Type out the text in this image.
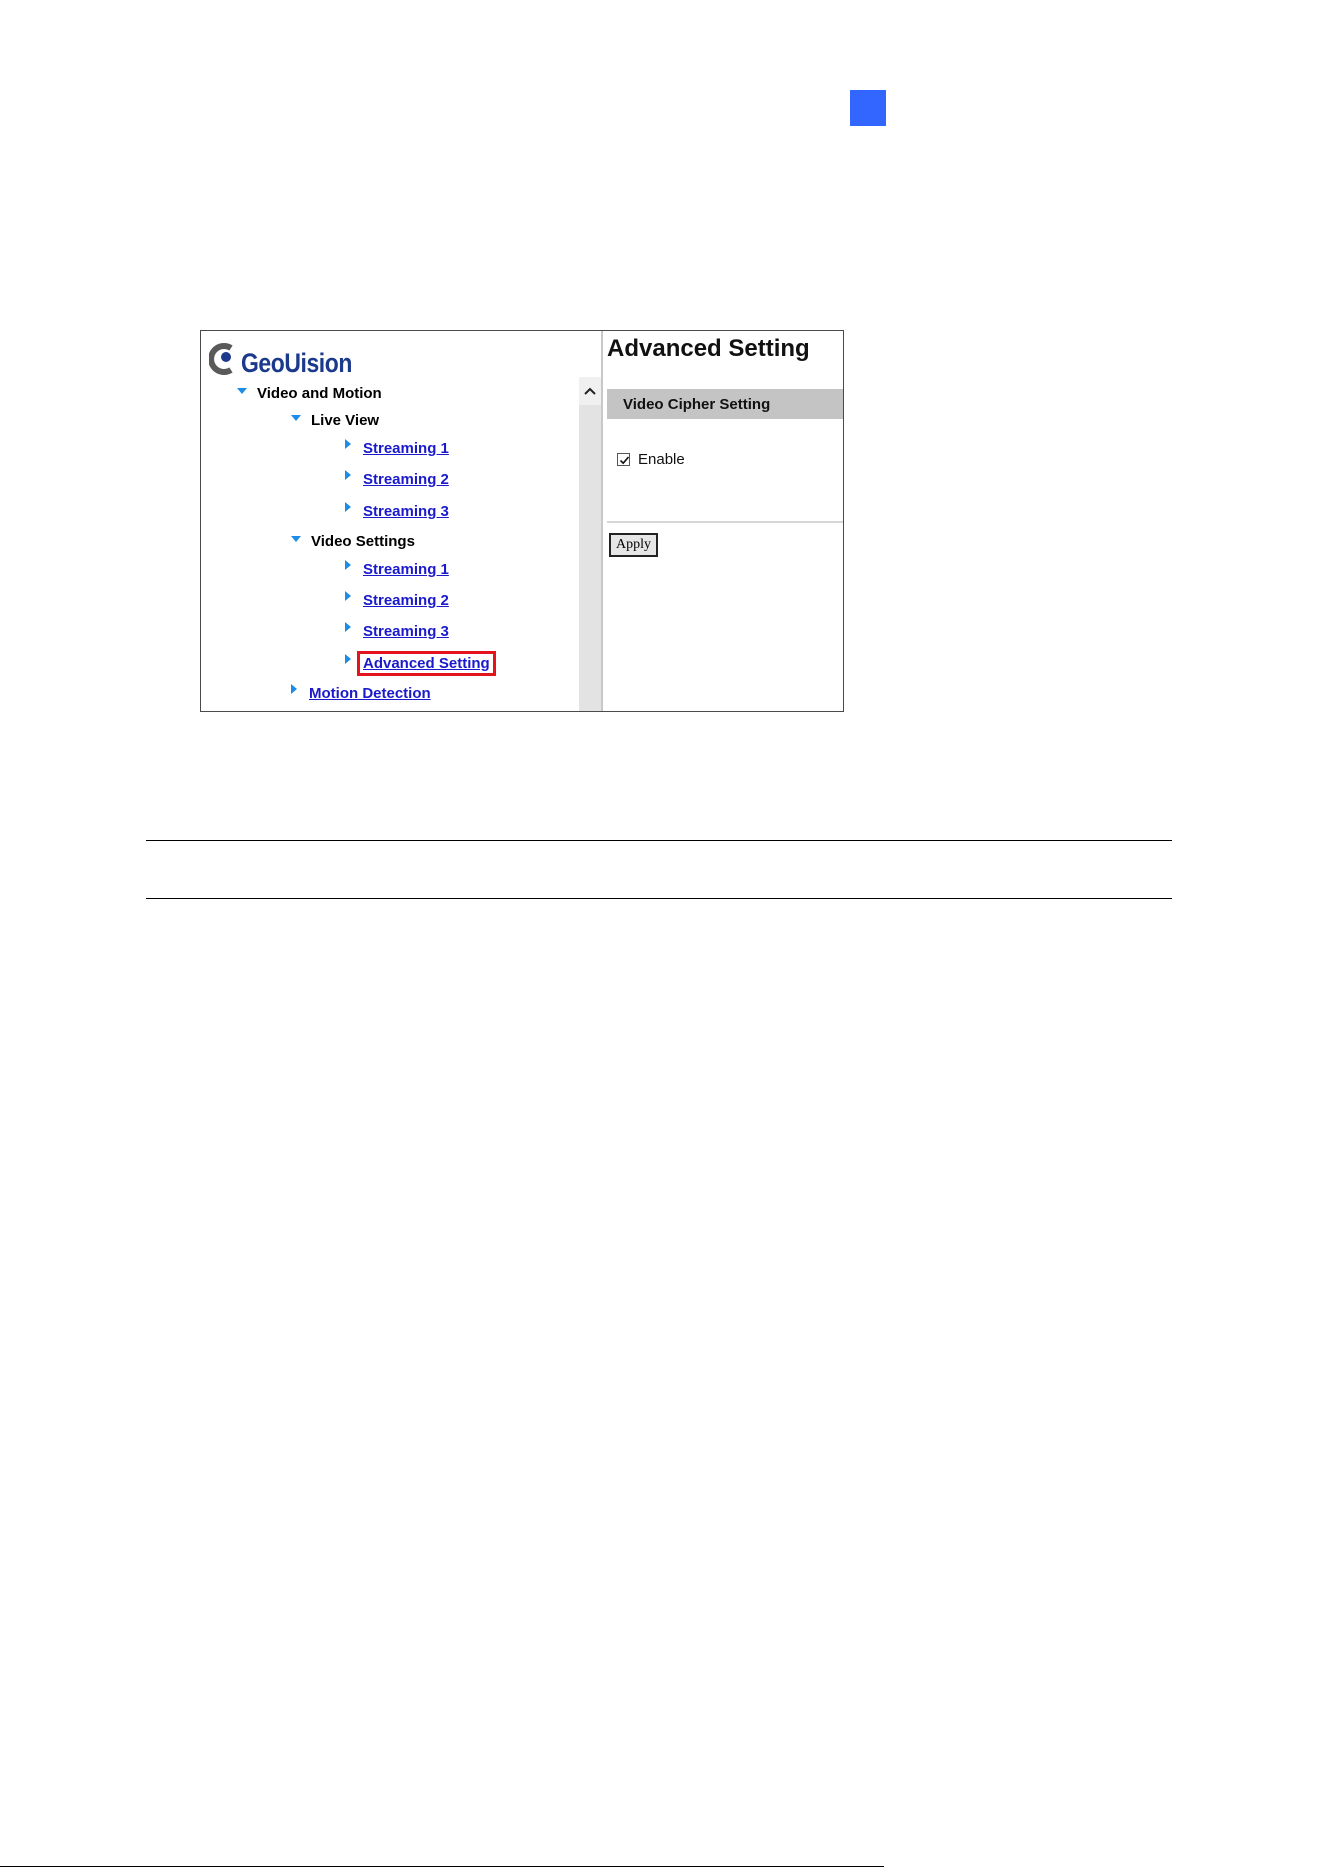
GeoUision
Video and Motion
Live View
Streaming 1
Streaming 2
Streaming 3
Video Settings
Streaming 1
Streaming 2
Streaming 3
Advanced Setting
Motion Detection
Advanced Setting
Video Cipher Setting
Enable
Apply
